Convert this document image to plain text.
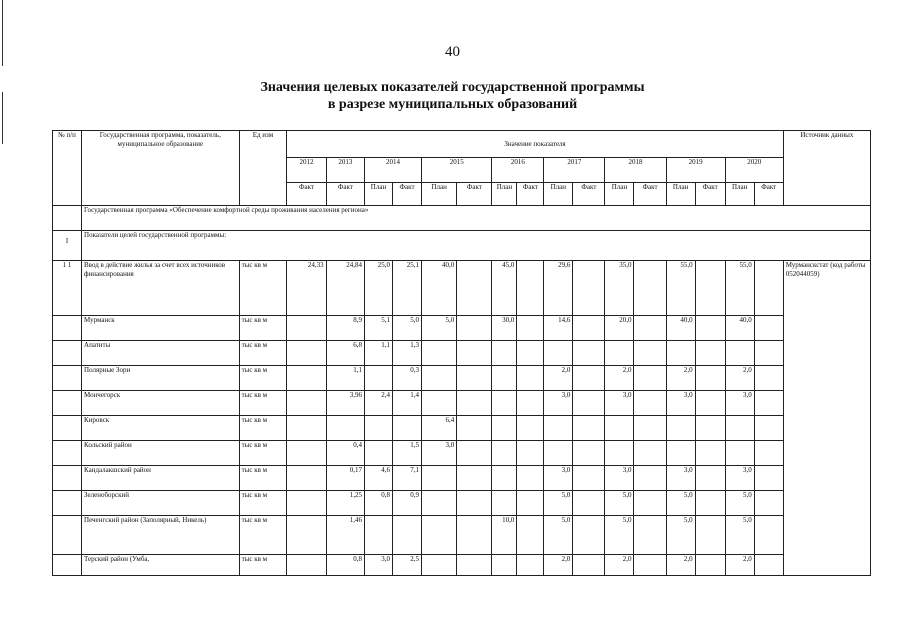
40
Значения целевых показателей государственной программы
в разрезе муниципальных образований
№ п/п	Государственная программа, показатель, муниципальное образование	Ед изм	Значение показателя																Источник данных
			2012	2013	2014		2015		2016		2017		2018		2019		2020		
			Факт	Факт	План	Факт	План	Факт	План	Факт	План	Факт	План	Факт	План	Факт	План	Факт	
	Государственная программа «Обеспечение комфортной среды проживания населения региона»																		
I	Показатели целей государственной программы:																		
1 1	Ввод в действие жилья за счет всех источников финансирования	тыс кв м	24,33	24,84	25,0	25,1	40,0		45,0		29,6		35,0		55,0		55,0		Мурманскстат (код работы 052044059)
	Мурманск	тыс кв м		8,9	5,1	5,0	5,0		30,0		14,6		20,0		40,0		40,0		
	Апатиты	тыс кв м		6,8	1,1	1,3													
	Полярные Зори	тыс кв м		1,1		0,3					2,0		2,0		2,0		2,0		
	Мончегорск	тыс кв м		3,96	2,4	1,4					3,0		3,0		3,0		3,0		
	Кировск	тыс кв м					6,4												
	Кольский район	тыс кв м		0,4		1,5	3,0												
	Кандалакшский район	тыс кв м		0,17	4,6	7,1					3,0		3,0		3,0		3,0		
	Зеленоборский	тыс кв м		1,25	0,8	0,9					5,0		5,0		5,0		5,0		
	Печенгский район (Заполярный, Никель)	тыс кв м		1,46					10,0		5,0		5,0		5,0		5,0		
	Терский район (Умба,	тыс кв м		0,8	3,0	2,5					2,0		2,0		2,0		2,0		
